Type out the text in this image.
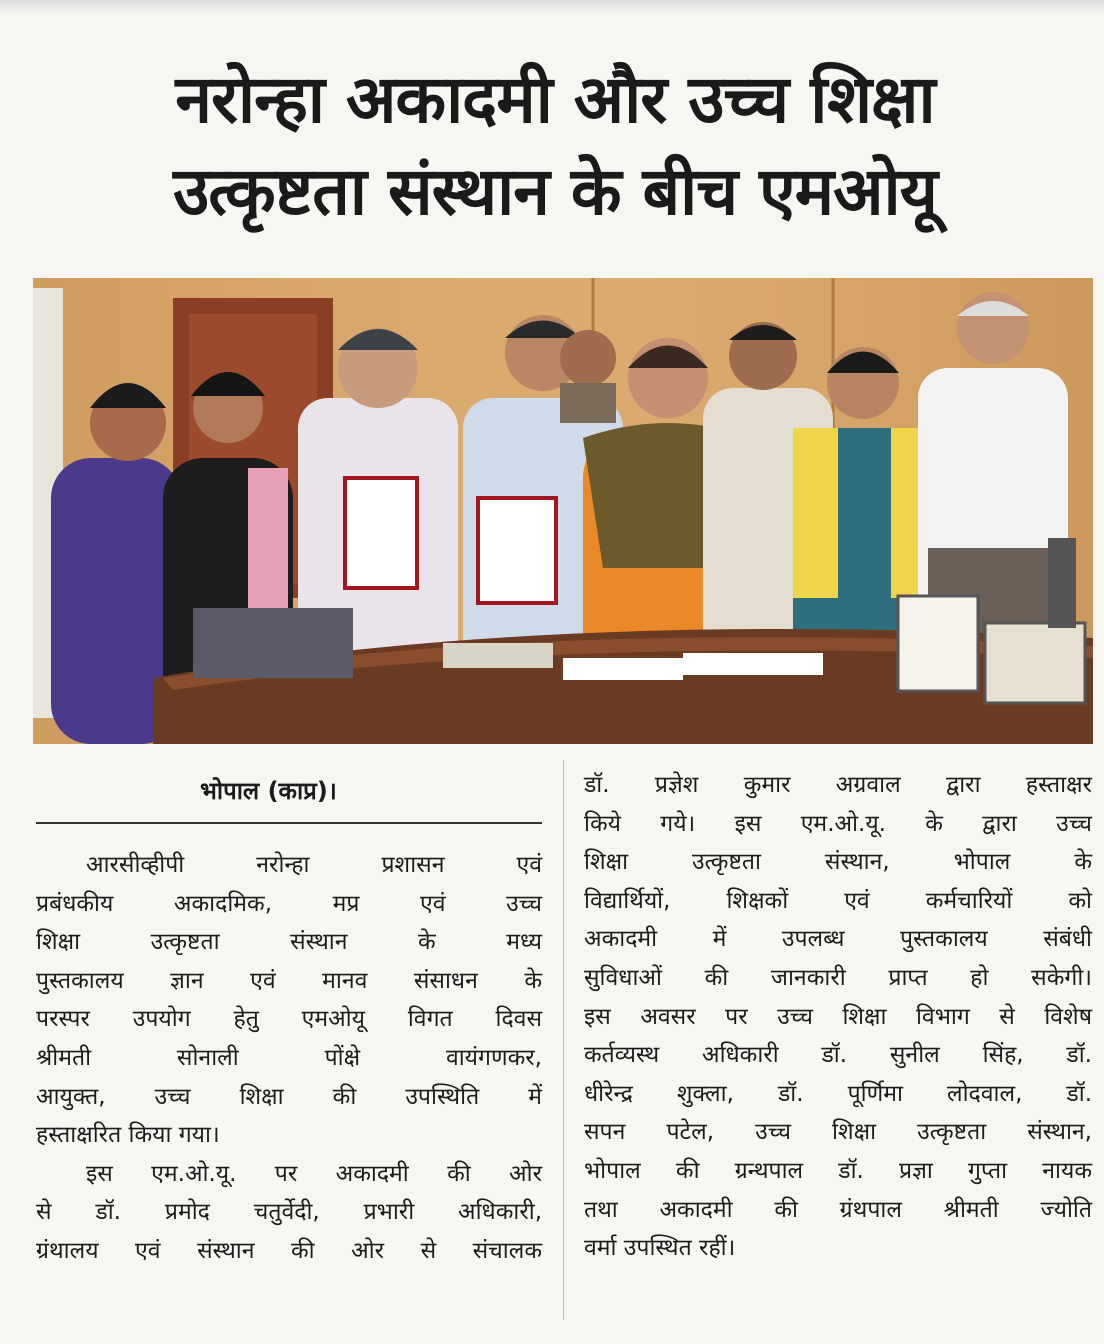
नरोन्हा अकादमी और उच्च शिक्षा
उत्कृष्टता संस्थान के बीच एमओयू
भोपाल (काप्र)।

आरसीव्हीपी नरोन्हा प्रशासन एवं
प्रबंधकीय अकादमिक, मप्र एवं उच्च
शिक्षा उत्कृष्टता संस्थान के मध्य
पुस्तकालय ज्ञान एवं मानव संसाधन के
परस्पर उपयोग हेतु एमओयू विगत दिवस
श्रीमती सोनाली पोंक्षे वायंगणकर,
आयुक्त, उच्च शिक्षा की उपस्थिति में
हस्ताक्षरित किया गया।

इस एम.ओ.यू. पर अकादमी की ओर
से डॉ. प्रमोद चतुर्वेदी, प्रभारी अधिकारी,
ग्रंथालय एवं संस्थान की ओर से संचालक

डॉ. प्रज्ञेश कुमार अग्रवाल द्वारा हस्ताक्षर
किये गये। इस एम.ओ.यू. के द्वारा उच्च
शिक्षा उत्कृष्टता संस्थान, भोपाल के
विद्यार्थियों, शिक्षकों एवं कर्मचारियों को
अकादमी में उपलब्ध पुस्तकालय संबंधी
सुविधाओं की जानकारी प्राप्त हो सकेगी।
इस अवसर पर उच्च शिक्षा विभाग से विशेष
कर्तव्यस्थ अधिकारी डॉ. सुनील सिंह, डॉ.
धीरेन्द्र शुक्ला, डॉ. पूर्णिमा लोदवाल, डॉ.
सपन पटेल, उच्च शिक्षा उत्कृष्टता संस्थान,
भोपाल की ग्रन्थपाल डॉ. प्रज्ञा गुप्ता नायक
तथा अकादमी की ग्रंथपाल श्रीमती ज्योति
वर्मा उपस्थित रहीं।
